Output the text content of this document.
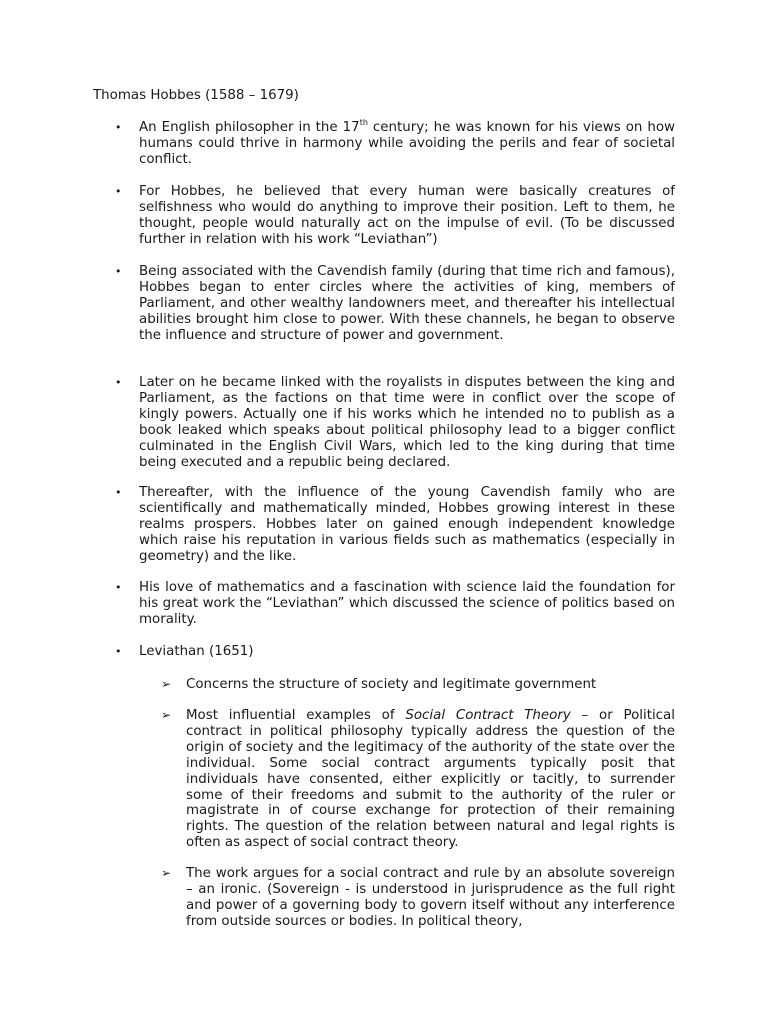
Thomas Hobbes (1588 – 1679)
• An English philosopher in the 17th century; he was known for his views on how humans could thrive in harmony while avoiding the perils and fear of societal conflict.
• For Hobbes, he believed that every human were basically creatures of selfishness who would do anything to improve their position. Left to them, he thought, people would naturally act on the impulse of evil. (To be discussed further in relation with his work “Leviathan”)
• Being associated with the Cavendish family (during that time rich and famous), Hobbes began to enter circles where the activities of king, members of Parliament, and other wealthy landowners meet, and thereafter his intellectual abilities brought him close to power. With these channels, he began to observe the influence and structure of power and government.
• Later on he became linked with the royalists in disputes between the king and Parliament, as the factions on that time were in conflict over the scope of kingly powers. Actually one if his works which he intended no to publish as a book leaked which speaks about political philosophy lead to a bigger conflict culminated in the English Civil Wars, which led to the king during that time being executed and a republic being declared.
• Thereafter, with the influence of the young Cavendish family who are scientifically and mathematically minded, Hobbes growing interest in these realms prospers. Hobbes later on gained enough independent knowledge which raise his reputation in various fields such as mathematics (especially in geometry) and the like.
• His love of mathematics and a fascination with science laid the foundation for his great work the “Leviathan” which discussed the science of politics based on morality.
• Leviathan (1651)
➢ Concerns the structure of society and legitimate government
➢ Most influential examples of Social Contract Theory – or Political contract in political philosophy typically address the question of the origin of society and the legitimacy of the authority of the state over the individual. Some social contract arguments typically posit that individuals have consented, either explicitly or tacitly, to surrender some of their freedoms and submit to the authority of the ruler or magistrate in of course exchange for protection of their remaining rights. The question of the relation between natural and legal rights is often as aspect of social contract theory.
➢ The work argues for a social contract and rule by an absolute sovereign – an ironic. (Sovereign - is understood in jurisprudence as the full right and power of a governing body to govern itself without any interference from outside sources or bodies. In political theory,
